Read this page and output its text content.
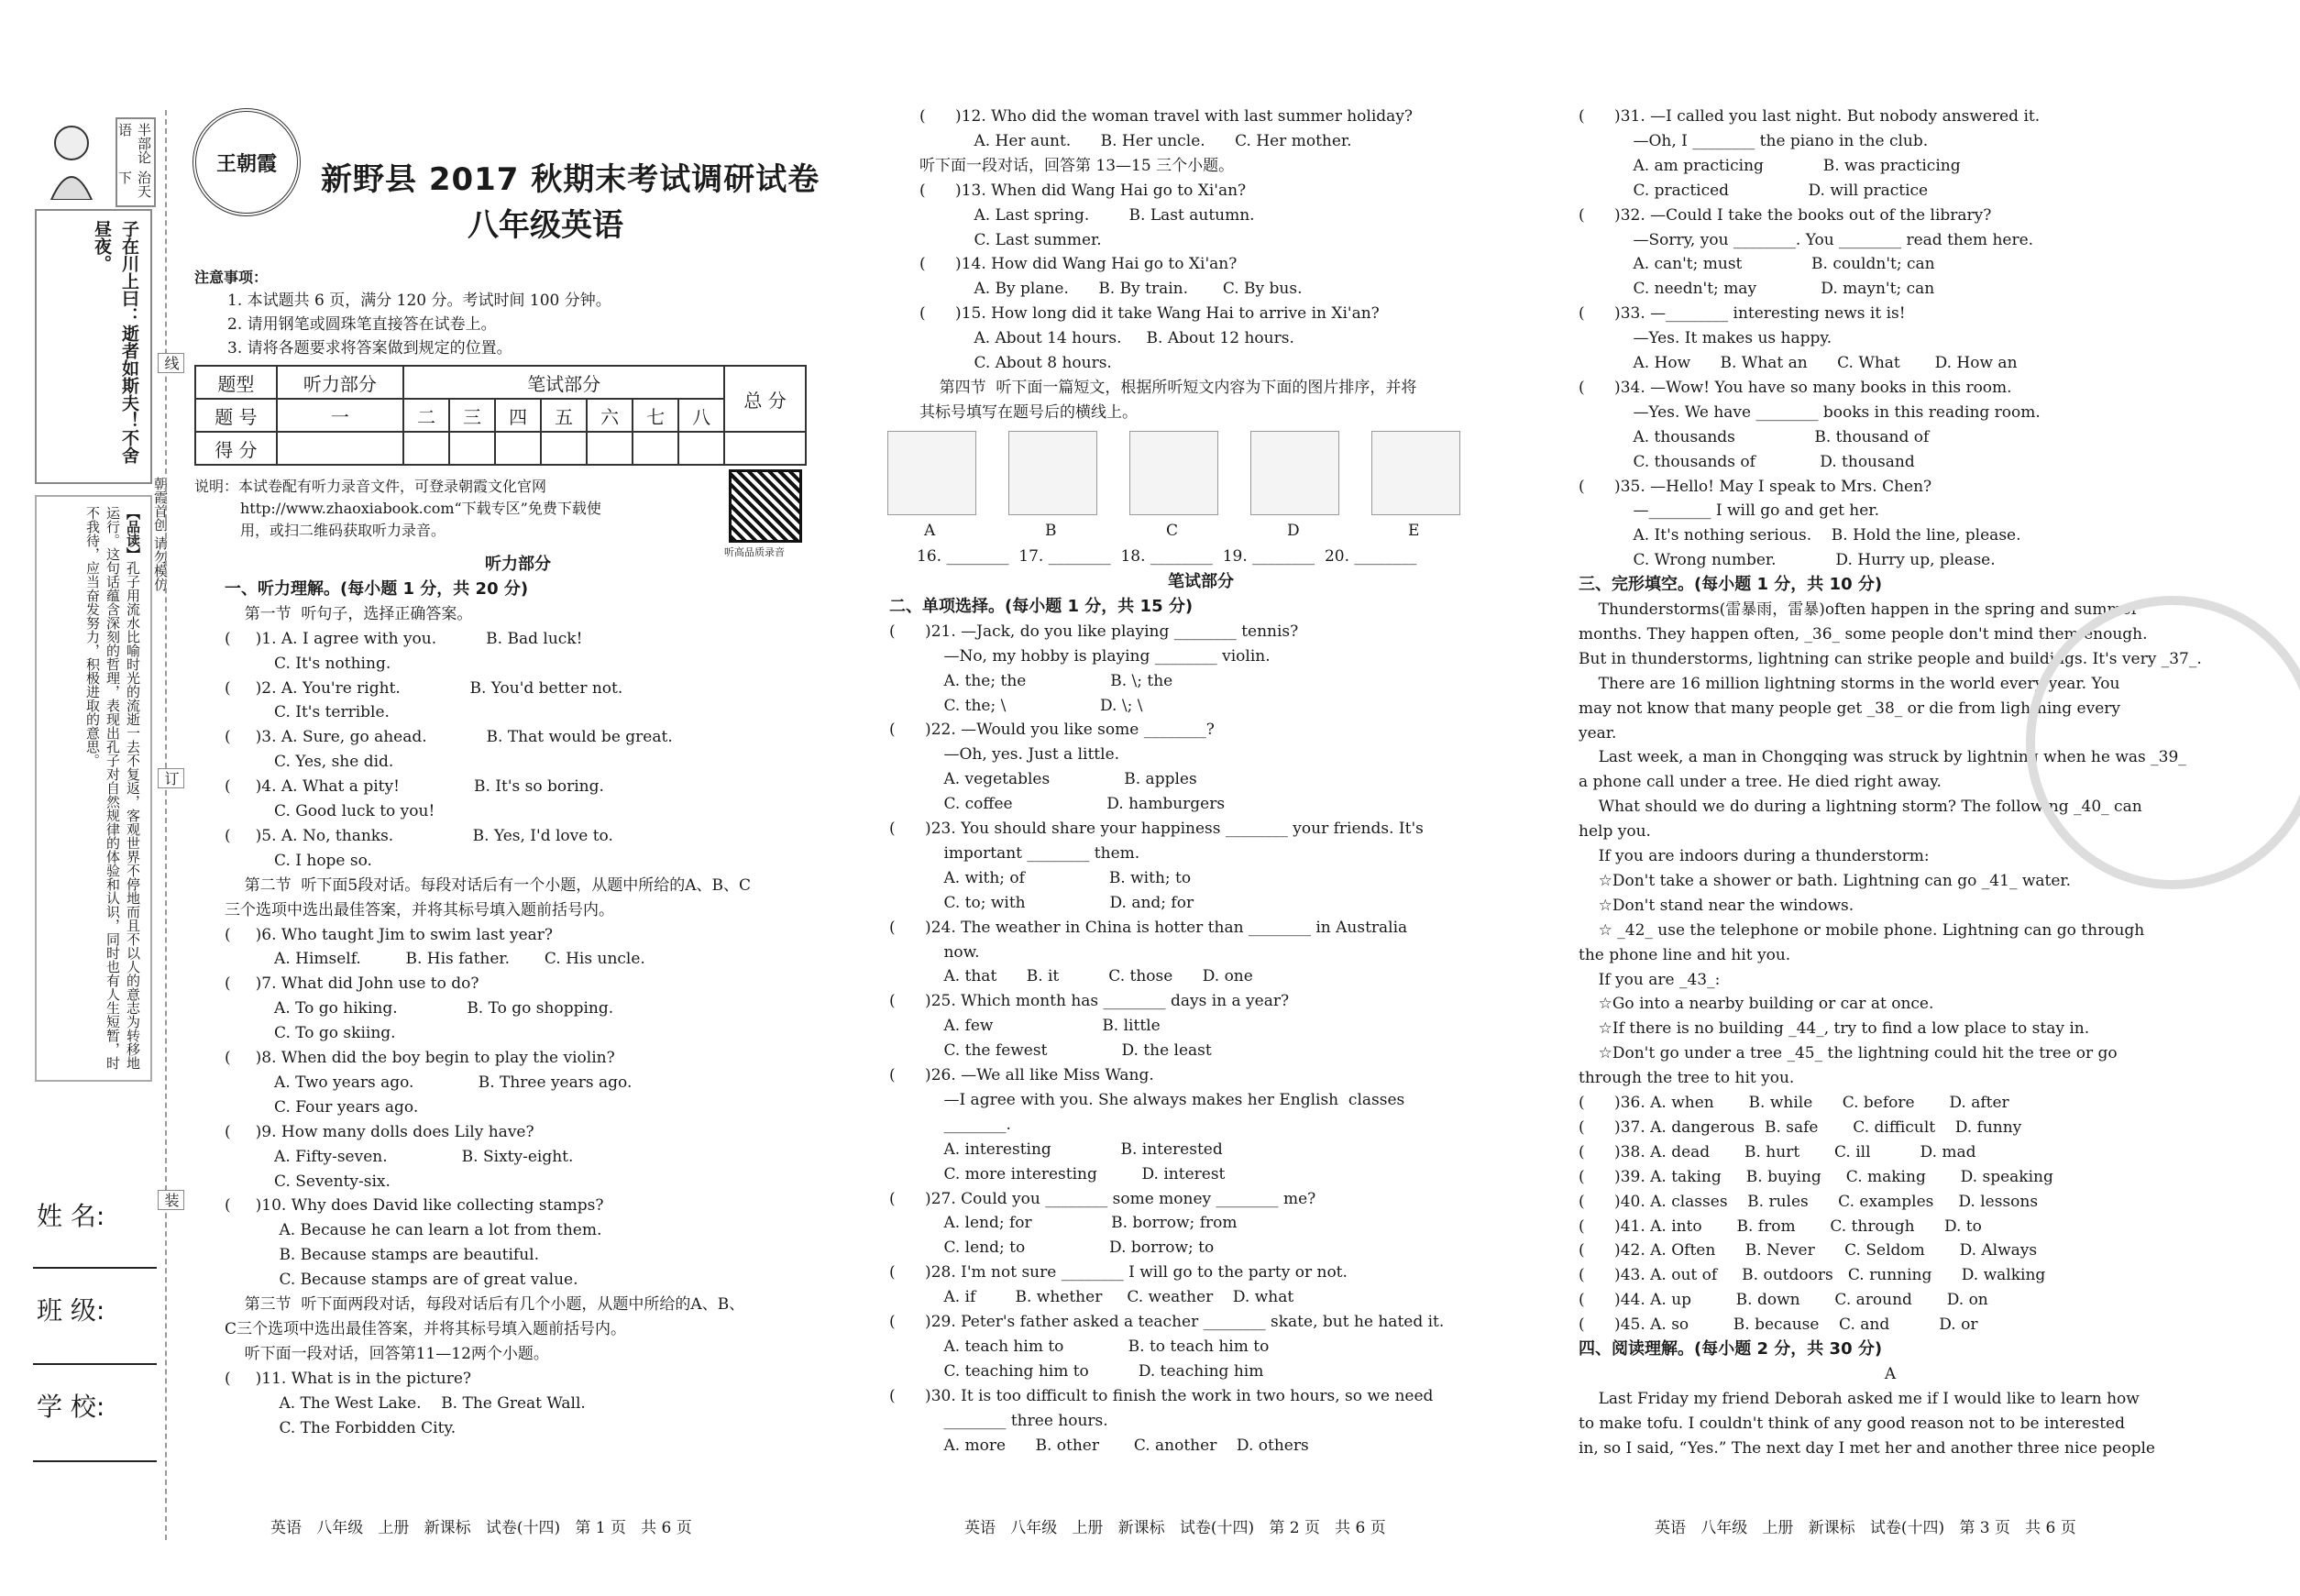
半部论语
治天下
子在川上曰：逝者如斯夫！不舍昼夜。
【品读】孔子用流水比喻时光的流逝一去不复返，客观世界不停地而且不以人的意志为转移地运行。这句话蕴含深刻的哲理，表现出孔子对自然规律的体验和认识，同时也有人生短暂，时不我待，应当奋发努力，积极进取的意思。	朝霞首创 请勿模仿
线
订
装
姓 名:
班 级:
学 校:
王朝霞 新野县 2017 秋期末考试调研试卷
八年级英语
注意事项：
1. 本试题共 6 页，满分 120 分。考试时间 100 分钟。
2. 请用钢笔或圆珠笔直接答在试卷上。
3. 请将各题要求将答案做到规定的位置。
题型	听力部分	笔试部分							总 分
题 号	一	二	三	四	五	六	七	八	
得 分									
说明：本试卷配有听力录音文件，可登录朝霞文化官网
http://www.zhaoxiabook.com“下载专区”免费下载使
用，或扫二维码获取听力录音。
听高品质录音
听力部分
一、听力理解。(每小题 1 分，共 20 分)
第一节  听句子，选择正确答案。
(     )1. A. I agree with you.          B. Bad luck!
C. It's nothing.
(     )2. A. You're right.              B. You'd better not.
C. It's terrible.
(     )3. A. Sure, go ahead.            B. That would be great.
C. Yes, she did.
(     )4. A. What a pity!               B. It's so boring.
C. Good luck to you!
(     )5. A. No, thanks.                B. Yes, I'd love to.
C. I hope so.
第二节  听下面5段对话。每段对话后有一个小题，从题中所给的A、B、C
三个选项中选出最佳答案，并将其标号填入题前括号内。
(     )6. Who taught Jim to swim last year?
A. Himself.         B. His father.       C. His uncle.
(     )7. What did John use to do?
A. To go hiking.              B. To go shopping.
C. To go skiing.
(     )8. When did the boy begin to play the violin?
A. Two years ago.             B. Three years ago.
C. Four years ago.
(     )9. How many dolls does Lily have?
A. Fifty-seven.               B. Sixty-eight.
C. Seventy-six.
(     )10. Why does David like collecting stamps?
A. Because he can learn a lot from them.
B. Because stamps are beautiful.
C. Because stamps are of great value.
第三节  听下面两段对话，每段对话后有几个小题，从题中所给的A、B、
C三个选项中选出最佳答案，并将其标号填入题前括号内。
听下面一段对话，回答第11—12两个小题。
(     )11. What is in the picture?
A. The West Lake.    B. The Great Wall.
C. The Forbidden City.
(      )12. Who did the woman travel with last summer holiday?
A. Her aunt.      B. Her uncle.      C. Her mother.
听下面一段对话，回答第 13—15 三个小题。
(      )13. When did Wang Hai go to Xi'an?
A. Last spring.        B. Last autumn.
C. Last summer.
(      )14. How did Wang Hai go to Xi'an?
A. By plane.      B. By train.       C. By bus.
(      )15. How long did it take Wang Hai to arrive in Xi'an?
A. About 14 hours.     B. About 12 hours.
C. About 8 hours.
第四节  听下面一篇短文，根据所听短文内容为下面的图片排序，并将
其标号填写在题号后的横线上。
A	B	C	D	E
16. ________  17. ________  18. ________  19. ________  20. ________
笔试部分
二、单项选择。(每小题 1 分，共 15 分)
(      )21. —Jack, do you like playing ________ tennis?
—No, my hobby is playing ________ violin.
A. the; the                 B. \; the
C. the; \                   D. \; \
(      )22. —Would you like some ________?
—Oh, yes. Just a little.
A. vegetables               B. apples
C. coffee                   D. hamburgers
(      )23. You should share your happiness ________ your friends. It's
important ________ them.
A. with; of                 B. with; to
C. to; with                 D. and; for
(      )24. The weather in China is hotter than ________ in Australia
now.
A. that      B. it          C. those      D. one
(      )25. Which month has ________ days in a year?
A. few                      B. little
C. the fewest               D. the least
(      )26. —We all like Miss Wang.
—I agree with you. She always makes her English  classes
________.
A. interesting              B. interested
C. more interesting         D. interest
(      )27. Could you ________ some money ________ me?
A. lend; for                B. borrow; from
C. lend; to                 D. borrow; to
(      )28. I'm not sure ________ I will go to the party or not.
A. if        B. whether     C. weather    D. what
(      )29. Peter's father asked a teacher ________ skate, but he hated it.
A. teach him to             B. to teach him to
C. teaching him to          D. teaching him
(      )30. It is too difficult to finish the work in two hours, so we need
________ three hours.
A. more      B. other       C. another    D. others
(      )31. —I called you last night. But nobody answered it.
—Oh, I ________ the piano in the club.
A. am practicing            B. was practicing
C. practiced                D. will practice
(      )32. —Could I take the books out of the library?
—Sorry, you ________. You ________ read them here.
A. can't; must              B. couldn't; can
C. needn't; may             D. mayn't; can
(      )33. —________ interesting news it is!
—Yes. It makes us happy.
A. How      B. What an      C. What       D. How an
(      )34. —Wow! You have so many books in this room.
—Yes. We have ________ books in this reading room.
A. thousands                B. thousand of
C. thousands of             D. thousand
(      )35. —Hello! May I speak to Mrs. Chen?
—________ I will go and get her.
A. It's nothing serious.    B. Hold the line, please.
C. Wrong number.            D. Hurry up, please.
三、完形填空。(每小题 1 分，共 10 分)
Thunderstorms(雷暴雨，雷暴)often happen in the spring and summer
months. They happen often, _36_ some people don't mind them enough.
But in thunderstorms, lightning can strike people and buildings. It's very _37_.
There are 16 million lightning storms in the world every year. You
may not know that many people get _38_ or die from lightning every
year.
Last week, a man in Chongqing was struck by lightning when he was _39_
a phone call under a tree. He died right away.
What should we do during a lightning storm? The following _40_ can
help you.
If you are indoors during a thunderstorm:
☆Don't take a shower or bath. Lightning can go _41_ water.
☆Don't stand near the windows.
☆ _42_ use the telephone or mobile phone. Lightning can go through
the phone line and hit you.
If you are _43_:
☆Go into a nearby building or car at once.
☆If there is no building _44_, try to find a low place to stay in.
☆Don't go under a tree _45_ the lightning could hit the tree or go
through the tree to hit you.
(      )36. A. when       B. while      C. before       D. after
(      )37. A. dangerous  B. safe       C. difficult    D. funny
(      )38. A. dead       B. hurt       C. ill          D. mad
(      )39. A. taking     B. buying     C. making       D. speaking
(      )40. A. classes    B. rules      C. examples     D. lessons
(      )41. A. into       B. from       C. through      D. to
(      )42. A. Often      B. Never      C. Seldom       D. Always
(      )43. A. out of     B. outdoors   C. running      D. walking
(      )44. A. up         B. down       C. around       D. on
(      )45. A. so         B. because    C. and          D. or
四、阅读理解。(每小题 2 分，共 30 分)
A
Last Friday my friend Deborah asked me if I would like to learn how
to make tofu. I couldn't think of any good reason not to be interested
in, so I said, “Yes.” The next day I met her and another three nice people
英语   八年级   上册   新课标   试卷(十四)   第 1 页   共 6 页	英语   八年级   上册   新课标   试卷(十四)   第 2 页   共 6 页	英语   八年级   上册   新课标   试卷(十四)   第 3 页   共 6 页
